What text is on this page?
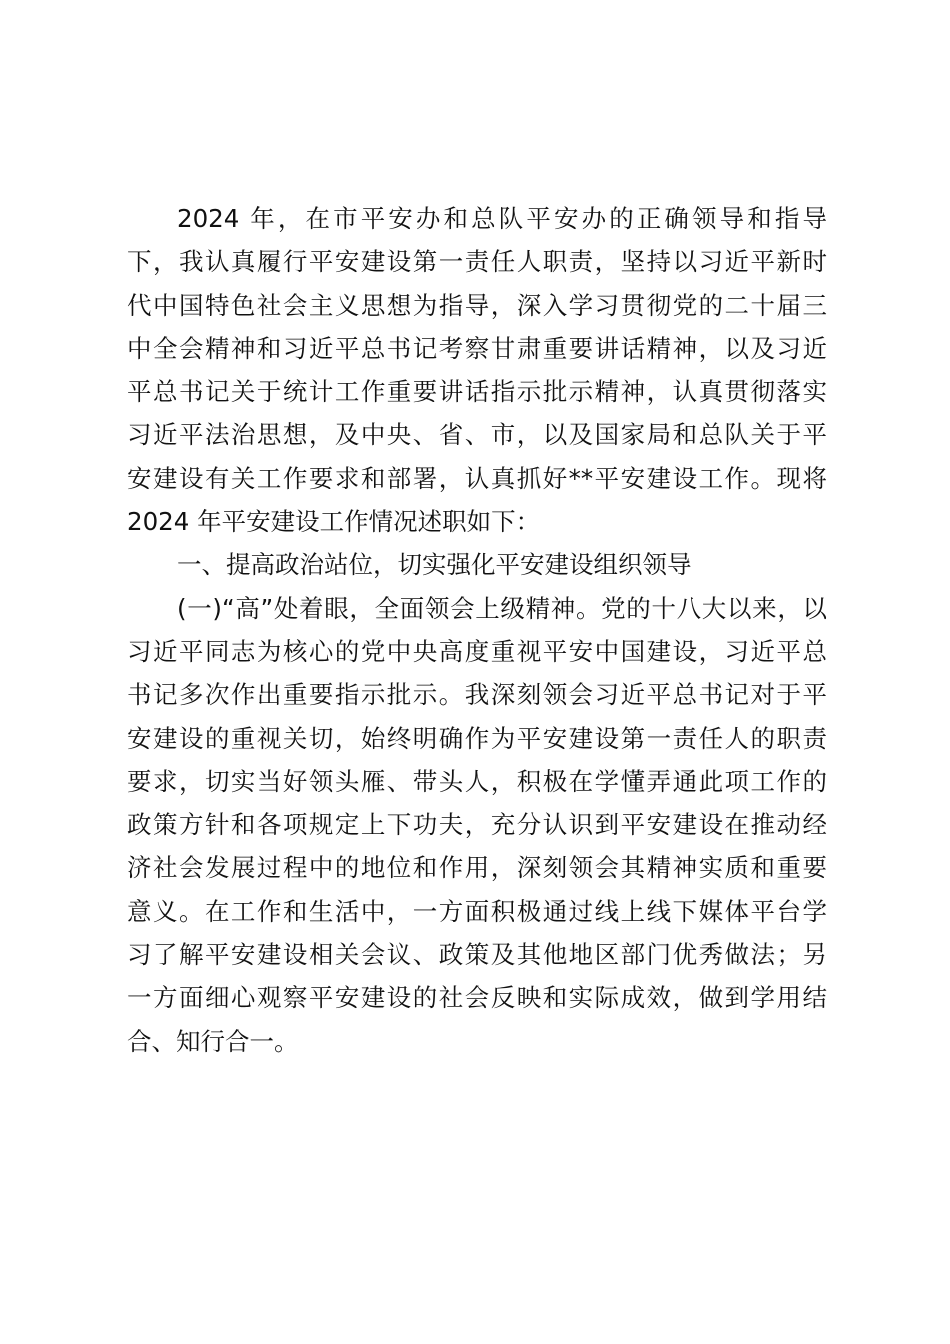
2024 年，在市平安办和总队平安办的正确领导和指导
下，我认真履行平安建设第一责任人职责，坚持以习近平新时
代中国特色社会主义思想为指导，深入学习贯彻党的二十届三
中全会精神和习近平总书记考察甘肃重要讲话精神，以及习近
平总书记关于统计工作重要讲话指示批示精神，认真贯彻落实
习近平法治思想，及中央、省、市，以及国家局和总队关于平
安建设有关工作要求和部署，认真抓好**平安建设工作。现将
2024 年平安建设工作情况述职如下：
一、提高政治站位，切实强化平安建设组织领导
(一)“高”处着眼，全面领会上级精神。党的十八大以来，以
习近平同志为核心的党中央高度重视平安中国建设，习近平总
书记多次作出重要指示批示。我深刻领会习近平总书记对于平
安建设的重视关切，始终明确作为平安建设第一责任人的职责
要求，切实当好领头雁、带头人，积极在学懂弄通此项工作的
政策方针和各项规定上下功夫，充分认识到平安建设在推动经
济社会发展过程中的地位和作用，深刻领会其精神实质和重要
意义。在工作和生活中，一方面积极通过线上线下媒体平台学
习了解平安建设相关会议、政策及其他地区部门优秀做法；另
一方面细心观察平安建设的社会反映和实际成效，做到学用结
合、知行合一。
